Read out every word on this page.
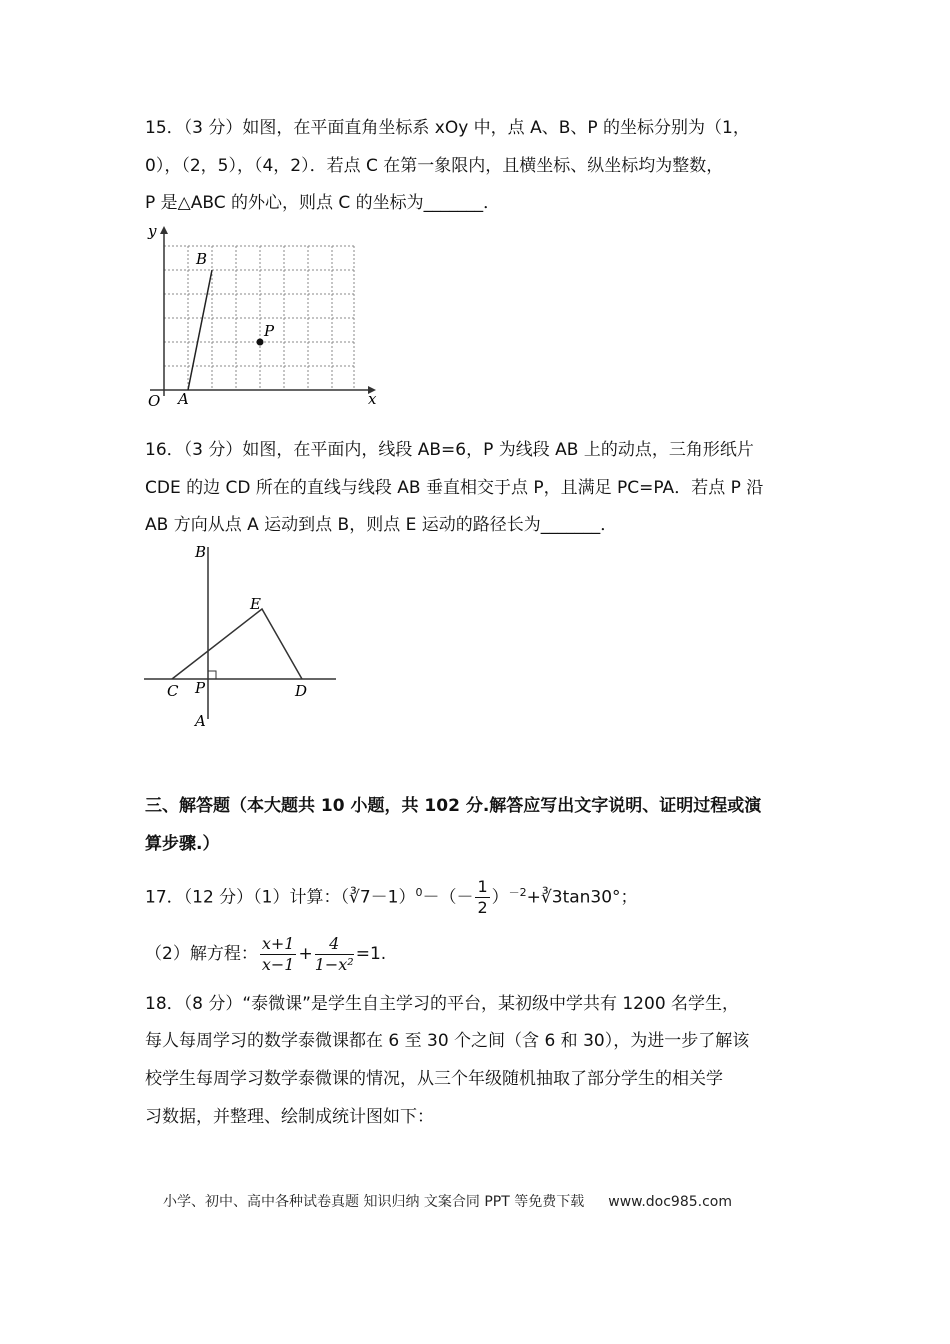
15．（3 分）如图，在平面直角坐标系 xOy 中，点 A、B、P 的坐标分别为（1，
0），（2，5），（4，2）．若点 C 在第一象限内，且横坐标、纵坐标均为整数，
P 是△ABC 的外心，则点 C 的坐标为_______．
y
x
O A
B
P
16．（3 分）如图，在平面内，线段 AB=6，P 为线段 AB 上的动点，三角形纸片
CDE 的边 CD 所在的直线与线段 AB 垂直相交于点 P，且满足 PC=PA．若点 P 沿
AB 方向从点 A 运动到点 B，则点 E 运动的路径长为_______．
B
E
C P	D
A
三、解答题（本大题共 10 小题，共 102 分.解答应写出文字说明、证明过程或演
算步骤.）
17．（12 分）（1）计算：（∛7－1）$^0$－（－ $\frac{1}{2}$ ）$^{-2}$+∛3tan30°；
（2）解方程： $\frac{x+1}{x-1} + \frac{4}{\text{1−x²}} =1$.
18．（8 分）“泰微课”是学生自主学习的平台，某初级中学共有 1200 名学生，
每人每周学习的数学泰微课都在 6 至 30 个之间（含 6 和 30），为进一步了解该
校学生每周学习数学泰微课的情况，从三个年级随机抽取了部分学生的相关学
习数据，并整理、绘制成统计图如下：
小学、初中、高中各种试卷真题 知识归纳 文案合同 PPT 等免费下载 www.doc985.com
